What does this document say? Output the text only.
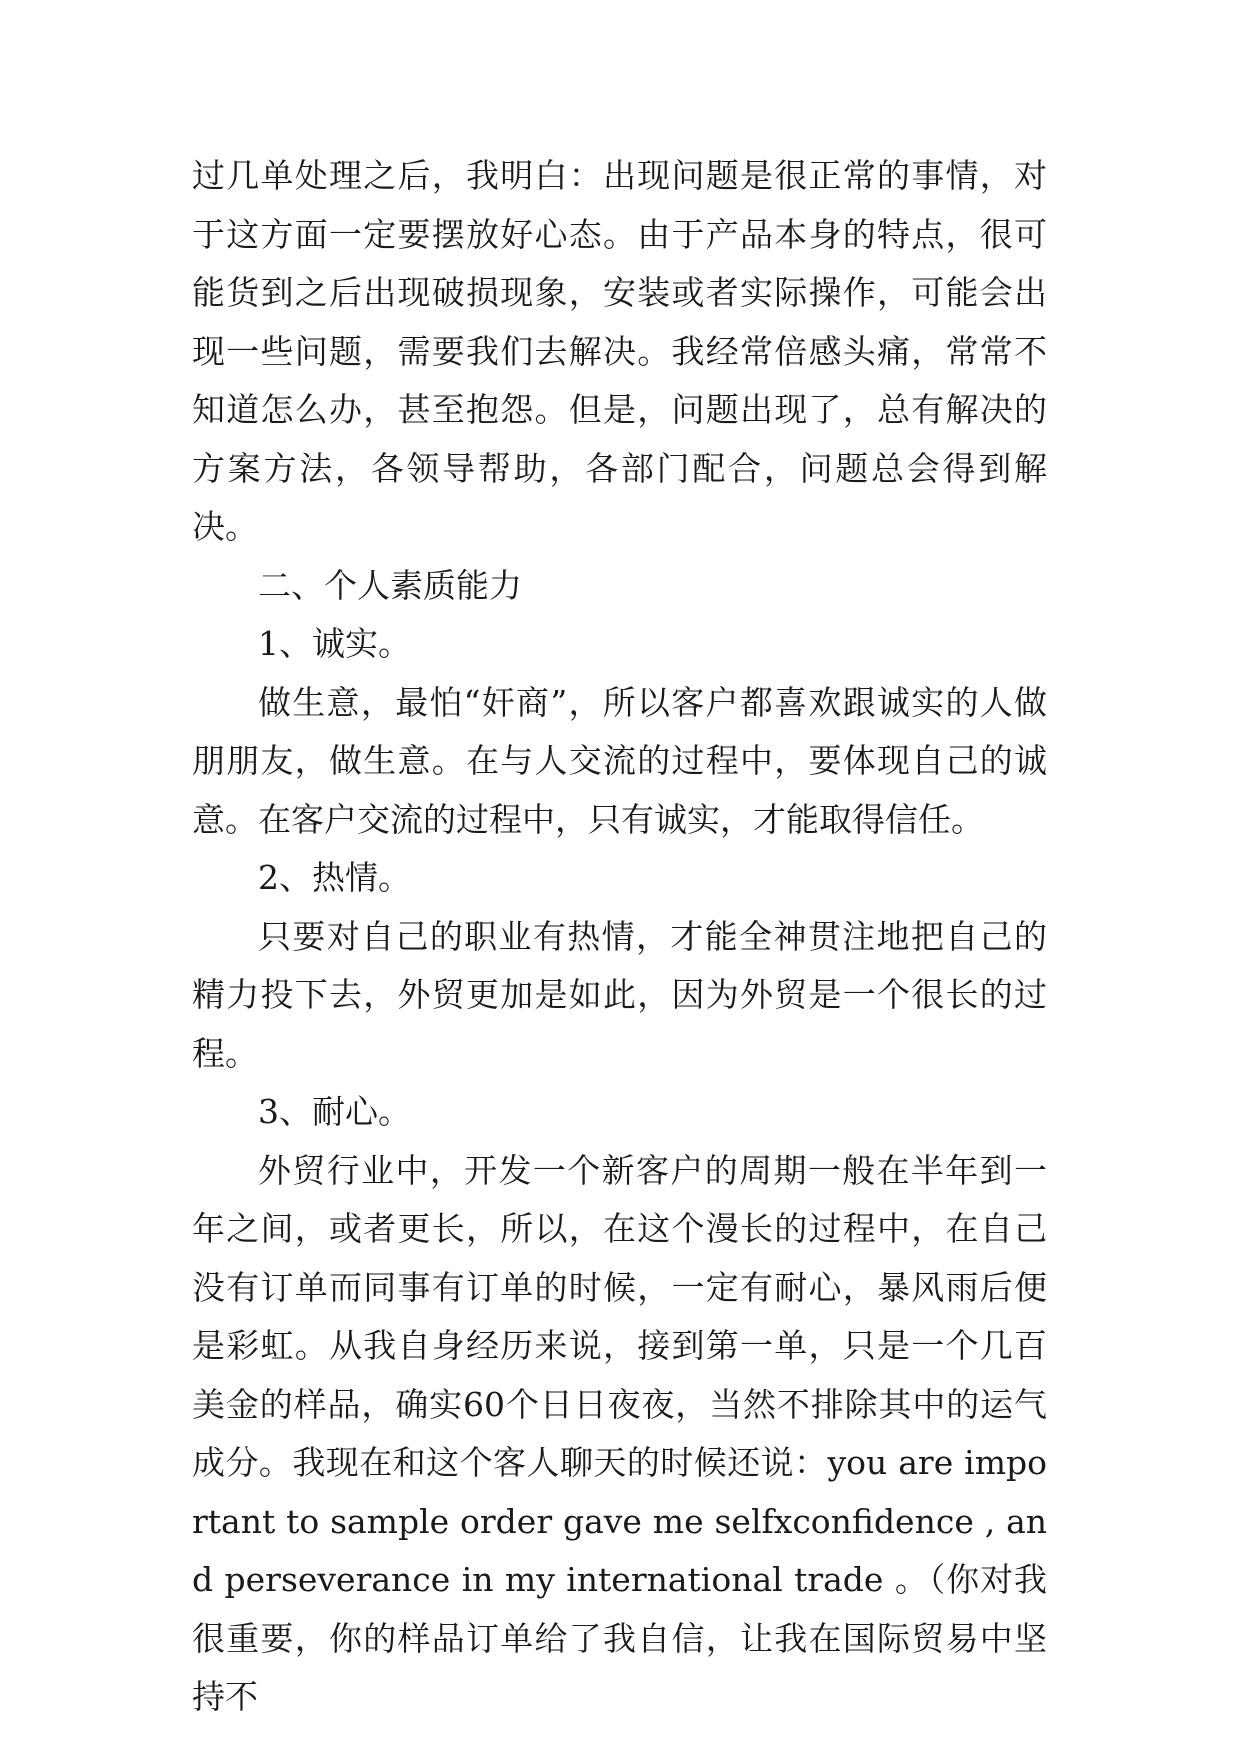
过几单处理之后，我明白：出现问题是很正常的事情，对于这方面一定要摆放好心态。由于产品本身的特点，很可能货到之后出现破损现象，安装或者实际操作，可能会出现一些问题，需要我们去解决。我经常倍感头痛，常常不知道怎么办，甚至抱怨。但是，问题出现了，总有解决的方案方法，各领导帮助，各部门配合，问题总会得到解决。

二、个人素质能力

1、诚实。

做生意，最怕“奸商”，所以客户都喜欢跟诚实的人做朋朋友，做生意。在与人交流的过程中，要体现自己的诚意。在客户交流的过程中，只有诚实，才能取得信任。

2、热情。

只要对自己的职业有热情，才能全神贯注地把自己的精力投下去，外贸更加是如此，因为外贸是一个很长的过程。

3、耐心。

外贸行业中，开发一个新客户的周期一般在半年到一年之间，或者更长，所以，在这个漫长的过程中，在自己没有订单而同事有订单的时候，一定有耐心，暴风雨后便是彩虹。从我自身经历来说，接到第一单，只是一个几百美金的样品，确实60个日日夜夜，当然不排除其中的运气成分。我现在和这个客人聊天的时候还说：you are important to sample order gave me selfxconfidence , and perseverance in my international trade 。（你对我很重要，你的样品订单给了我自信，让我在国际贸易中坚持不
